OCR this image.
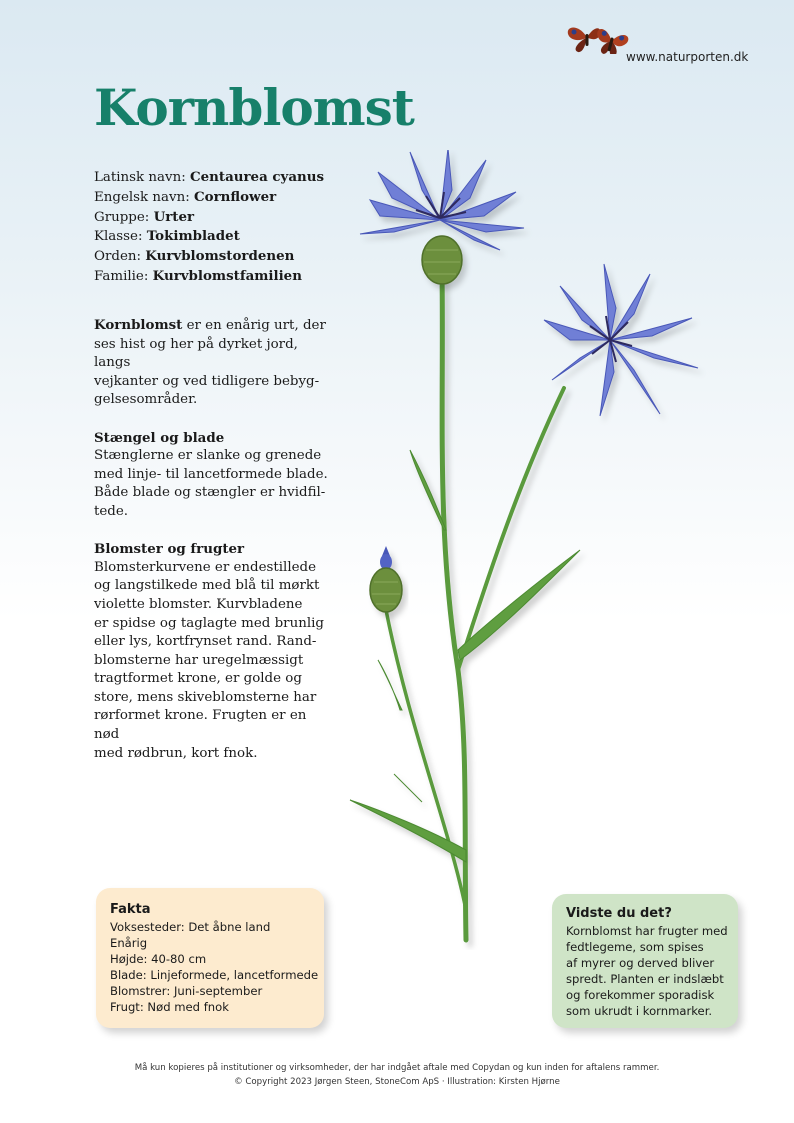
www.naturporten.dk
Kornblomst
Latinsk navn: Centaurea cyanus
Engelsk navn: Cornflower
Gruppe: Urter
Klasse: Tokimbladet
Orden: Kurvblomstordenen
Familie: Kurvblomstfamilien

Kornblomst er en enårig urt, der
ses hist og her på dyrket jord, langs
vejkanter og ved tidligere bebyg-
gelsesområder.

Stængel og blade

Stænglerne er slanke og grenede
med linje- til lancetformede blade.
Både blade og stængler er hvidfil-
tede.

Blomster og frugter

Blomsterkurvene er endestillede
og langstilkede med blå til mørkt
violette blomster. Kurvbladene
er spidse og taglagte med brunlig
eller lys, kortfrynset rand. Rand-
blomsterne har uregelmæssigt
tragtformet krone, er golde og
store, mens skiveblomsterne har
rørformet krone. Frugten er en nød
med rødbrun, kort fnok.

Fakta
Voksesteder: Det åbne land
Enårig
Højde: 40-80 cm
Blade: Linjeformede, lancetformede
Blomstrer: Juni-september
Frugt: Nød med fnok
Vidste du det?
Kornblomst har frugter med
fedtlegeme, som spises
af myrer og derved bliver
spredt. Planten er indslæbt
og forekommer sporadisk
som ukrudt i kornmarker.
Må kun kopieres på institutioner og virksomheder, der har indgået aftale med Copydan og kun inden for aftalens rammer.
© Copyright 2023 Jørgen Steen, StoneCom ApS · Illustration: Kirsten Hjørne
